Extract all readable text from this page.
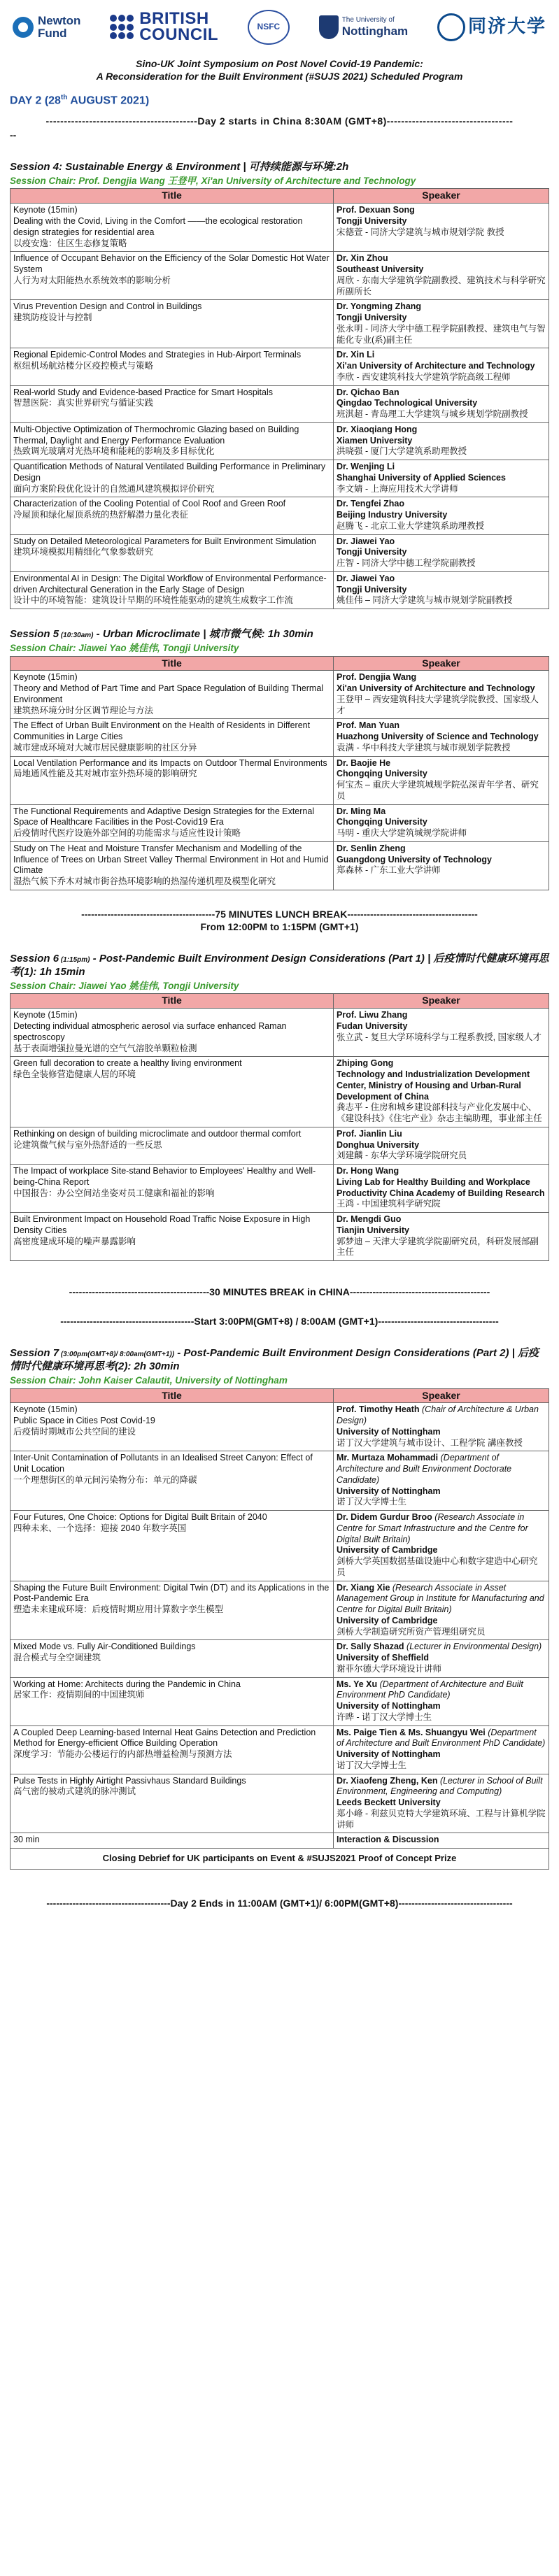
Newton
Fund
BRITISH
COUNCIL	NSFC
The University of
Nottingham	同济大学
Sino-UK Joint Symposium on Post Novel Covid-19 Pandemic:
A Reconsideration for the Built Environment (#SUJS 2021) Scheduled Program
DAY 2 (28th AUGUST 2021)
------------------------------------------Day 2 starts in China 8:30AM (GMT+8)-----------------------------------
--
Session 4: Sustainable Energy & Environment | 可持续能源与环境:2h
Session Chair: Prof. Dengjia Wang 王登甲, Xi'an University of Architecture and Technology
Title	Speaker

Keynote (15min)
Dealing with the Covid, Living in the Comfort ——the ecological restoration design strategies for residential area
以疫安逸：住区生态修复策略	Prof. Dexuan Song
Tongji University
宋德萱 - 同济大学建筑与城市规划学院 教授

Influence of Occupant Behavior on the Efficiency of the Solar Domestic Hot Water System
人行为对太阳能热水系统效率的影响分析	Dr. Xin Zhou
Southeast University
周欣 - 东南大学建筑学院副教授、建筑技术与科学研究所副所长

Virus Prevention Design and Control in Buildings
建筑防疫设计与控制	Dr. Yongming Zhang
Tongji University
张永明 - 同济大学中德工程学院副教授、建筑电气与智能化专业(系)副主任

Regional Epidemic-Control Modes and Strategies in Hub-Airport Terminals
枢纽机场航站楼分区疫控模式与策略	Dr. Xin Li
Xi'an University of Architecture and Technology
李欣 - 西安建筑科技大学建筑学院高级工程师

Real-world Study and Evidence-based Practice for Smart Hospitals
智慧医院：真实世界研究与循证实践	Dr. Qichao Ban
Qingdao Technological University
班淇超 - 青岛理工大学建筑与城乡规划学院副教授

Multi-Objective Optimization of Thermochromic Glazing based on Building Thermal, Daylight and Energy Performance Evaluation
热致调光玻璃对光热环境和能耗的影响及多目标优化	Dr. Xiaoqiang Hong
Xiamen University
洪晓强 - 厦门大学建筑系助理教授

Quantification Methods of Natural Ventilated Building Performance in Preliminary Design
面向方案阶段优化设计的自然通风建筑模拟评价研究	Dr. Wenjing Li
Shanghai University of Applied Sciences
李文婧 - 上海应用技术大学讲师

Characterization of the Cooling Potential of Cool Roof and Green Roof
冷屋顶和绿化屋顶系统的热舒解潜力量化表征	Dr. Tengfei Zhao
Beijing Industry University
赵腾飞 - 北京工业大学建筑系助理教授

Study on Detailed Meteorological Parameters for Built Environment Simulation
建筑环境模拟用精细化气象参数研究	Dr. Jiawei Yao
Tongji University
庄智 - 同济大学中德工程学院副教授

Environmental AI in Design: The Digital Workflow of Environmental Performance-driven Architectural Generation in the Early Stage of Design
设计中的环境智能：建筑设计早期的环境性能驱动的建筑生成数字工作流	Dr. Jiawei Yao
Tongji University
姚佳伟 – 同济大学建筑与城市规划学院副教授
Session 5 (10:30am) - Urban Microclimate | 城市微气候: 1h 30min
Session Chair: Jiawei Yao 姚佳伟, Tongji University
Title	Speaker

Keynote (15min)
Theory and Method of Part Time and Part Space Regulation of Building Thermal Environment
建筑热环境分时分区调节理论与方法	Prof. Dengjia Wang
Xi'an University of Architecture and Technology
王登甲 – 西安建筑科技大学建筑学院教授、国家级人才

The Effect of Urban Built Environment on the Health of Residents in Different Communities in Large Cities
城市建成环境对大城市居民健康影响的社区分异	Prof. Man Yuan
Huazhong University of Science and Technology
袁满 - 华中科技大学建筑与城市规划学院教授

Local Ventilation Performance and its Impacts on Outdoor Thermal Environments
局地通风性能及其对城市室外热环境的影响研究	Dr. Baojie He
Chongqing University
何宝杰 – 重庆大学建筑城规学院弘深青年学者、研究员

The Functional Requirements and Adaptive Design Strategies for the External Space of Healthcare Facilities in the Post-Covid19 Era
后疫情时代医疗设施外部空间的功能需求与适应性设计策略	Dr. Ming Ma
Chongqing University
马明 - 重庆大学建筑城规学院讲师

Study on The Heat and Moisture Transfer Mechanism and Modelling of the Influence of Trees on Urban Street Valley Thermal Environment in Hot and Humid Climate
湿热气候下乔木对城市街谷热环境影响的热湿传递机理及模型化研究	Dr. Senlin Zheng
Guangdong University of Technology
郑森林 - 广东工业大学讲师
-----------------------------------------75 MINUTES LUNCH BREAK----------------------------------------
From 12:00PM to 1:15PM (GMT+1)
Session 6 (1:15pm) - Post-Pandemic Built Environment Design Considerations (Part 1) | 后疫情时代健康环境再思考(1): 1h 15min
Session Chair: Jiawei Yao 姚佳伟, Tongji University
Title	Speaker

Keynote (15min)
Detecting individual atmospheric aerosol via surface enhanced Raman spectroscopy
基于表面增强拉曼光谱的空气气溶胶单颗粒检测	Prof. Liwu Zhang
Fudan University
张立武 - 复旦大学环境科学与工程系教授, 国家级人才

Green full decoration to create a healthy living environment
绿色全装修营造健康人居的环境	Zhiping Gong
Technology and Industrialization Development Center, Ministry of Housing and Urban-Rural Development of China
龚志平 - 住房和城乡建设部科技与产业化发展中心、《建设科技》《住宅产业》杂志主编助理，事业部主任

Rethinking on design of building microclimate and outdoor thermal comfort
论建筑微气候与室外热舒适的一些反思	Prof. Jianlin Liu
Donghua University
刘建麟 - 东华大学环境学院研究员

The Impact of workplace Site-stand Behavior to Employees' Healthy and Well-being-China Report
中国报告：办公空间站坐姿对员工健康和福祉的影响	Dr. Hong Wang
Living Lab for Healthy Building and Workplace Productivity China Academy of Building Research
王鸿 - 中国建筑科学研究院

Built Environment Impact on Household Road Traffic Noise Exposure in High Density Cities
高密度建成环境的噪声暴露影响	Dr. Mengdi Guo
Tianjin University
郭梦迪 – 天津大学建筑学院副研究员，科研发展部副主任
-------------------------------------------30 MINUTES BREAK in CHINA-------------------------------------------
-----------------------------------------Start 3:00PM(GMT+8) / 8:00AM (GMT+1)-------------------------------------
Session 7 (3:00pm(GMT+8)/ 8:00am(GMT+1)) - Post-Pandemic Built Environment Design Considerations (Part 2) | 后疫情时代健康环境再思考(2): 2h 30min
Session Chair: John Kaiser Calautit, University of Nottingham
Title	Speaker

Keynote (15min)
Public Space in Cities Post Covid-19
后疫情时期城市公共空间的建设	Prof. Timothy Heath (Chair of Architecture & Urban Design)
University of Nottingham
诺丁汉大学建筑与城市设计、工程学院 講座教授

Inter-Unit Contamination of Pollutants in an Idealised Street Canyon: Effect of Unit Location
一个理想街区的单元间污染物分布：单元的降碳	Mr. Murtaza Mohammadi (Department of Architecture and Built Environment Doctorate Candidate)
University of Nottingham
诺丁汉大学博士生

Four Futures, One Choice: Options for Digital Built Britain of 2040
四种未来、一个选择：迎接 2040 年数字英国	Dr. Didem Gurdur Broo (Research Associate in Centre for Smart Infrastructure and the Centre for Digital Built Britain)
University of Cambridge
剑桥大学英国数据基础设施中心和数字建造中心研究员

Shaping the Future Built Environment: Digital Twin (DT) and its Applications in the Post-Pandemic Era
塑造未来建成环境：后疫情时期应用计算数字孪生模型	Dr. Xiang Xie (Research Associate in Asset Management Group in Institute for Manufacturing and Centre for Digital Built Britain)
University of Cambridge
剑桥大学制造研究所资产管理组研究员

Mixed Mode vs. Fully Air-Conditioned Buildings
混合模式与全空调建筑	Dr. Sally Shazad (Lecturer in Environmental Design)
University of Sheffield
谢菲尔德大学环境设计讲师

Working at Home: Architects during the Pandemic in China
居家工作：疫情期间的中国建筑师	Ms. Ye Xu (Department of Architecture and Built Environment PhD Candidate)
University of Nottingham
许晔 - 诺丁汉大学博士生

A Coupled Deep Learning-based Internal Heat Gains Detection and Prediction Method for Energy-efficient Office Building Operation
深度学习：节能办公楼运行的内部热增益检测与预测方法	Ms. Paige Tien & Ms. Shuangyu Wei (Department of Architecture and Built Environment PhD Candidate)
University of Nottingham
诺丁汉大学博士生

Pulse Tests in Highly Airtight Passivhaus Standard Buildings
高气密的被动式建筑的脉冲测试	Dr. Xiaofeng Zheng, Ken (Lecturer in School of Built Environment, Engineering and Computing)
Leeds Beckett University
郑小峰 - 利兹贝克特大学建筑环境、工程与计算机学院讲师

30 min	Interaction & Discussion
Closing Debrief for UK participants on Event & #SUJS2021 Proof of Concept Prize
--------------------------------------Day 2 Ends in 11:00AM (GMT+1)/ 6:00PM(GMT+8)-----------------------------------
